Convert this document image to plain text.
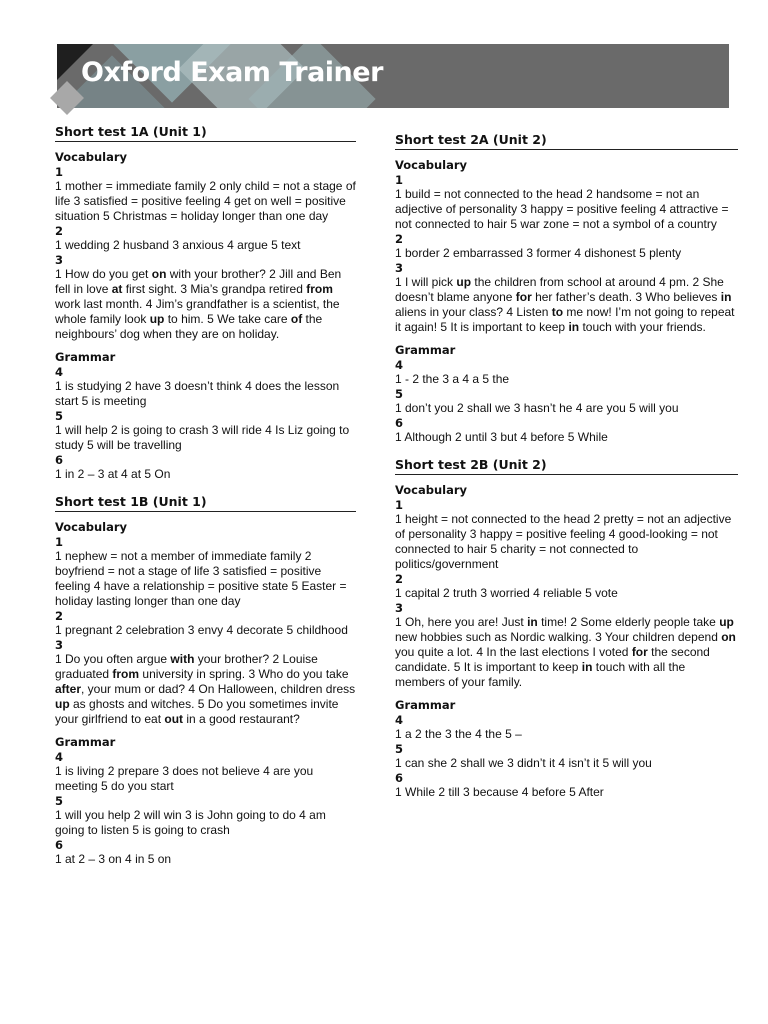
Oxford Exam Trainer
Short test 1A (Unit 1)

Vocabulary

1

1 mother = immediate family 2 only child = not a stage of life 3 satisfied = positive feeling 4 get on well = positive situation 5 Christmas = holiday longer than one day

2

1 wedding 2 husband 3 anxious 4 argue 5 text

3

1 How do you get on with your brother? 2 Jill and Ben fell in love at first sight. 3 Mia’s grandpa retired from work last month. 4 Jim’s grandfather is a scientist, the whole family look up to him. 5 We take care of the neighbours’ dog when they are on holiday.

Grammar

4

1 is studying 2 have 3 doesn’t think 4 does the lesson start 5 is meeting

5

1 will help 2 is going to crash 3 will ride 4 Is Liz going to study 5 will be travelling

6

1 in 2 – 3 at 4 at 5 On

Short test 1B (Unit 1)

Vocabulary

1

1 nephew = not a member of immediate family 2 boyfriend = not a stage of life 3 satisfied = positive feeling 4 have a relationship = positive state 5 Easter = holiday lasting longer than one day

2

1 pregnant 2 celebration 3 envy 4 decorate 5 childhood

3

1 Do you often argue with your brother? 2 Louise graduated from university in spring. 3 Who do you take after, your mum or dad? 4 On Halloween, children dress up as ghosts and witches. 5 Do you sometimes invite your girlfriend to eat out in a good restaurant?

Grammar

4

1 is living 2 prepare 3 does not believe 4 are you meeting 5 do you start

5

1 will you help 2 will win 3 is John going to do 4 am going to listen 5 is going to crash

6

1 at 2 – 3 on 4 in 5 on

Short test 2A (Unit 2)

Vocabulary

1

1 build = not connected to the head 2 handsome = not an adjective of personality 3 happy = positive feeling 4 attractive = not connected to hair 5 war zone = not a symbol of a country

2

1 border 2 embarrassed 3 former 4 dishonest 5 plenty

3

1 I will pick up the children from school at around 4 pm. 2 She doesn’t blame anyone for her father’s death. 3 Who believes in aliens in your class? 4 Listen to me now! I’m not going to repeat it again! 5 It is important to keep in touch with your friends.

Grammar

4

1 - 2 the 3 a 4 a 5 the

5

1 don’t you 2 shall we 3 hasn’t he 4 are you 5 will you

6

1 Although 2 until 3 but 4 before 5 While

Short test 2B (Unit 2)

Vocabulary

1

1 height = not connected to the head 2 pretty = not an adjective of personality 3 happy = positive feeling 4 good-looking = not connected to hair 5 charity = not connected to politics/government

2

1 capital 2 truth 3 worried 4 reliable 5 vote

3

1 Oh, here you are! Just in time! 2 Some elderly people take up new hobbies such as Nordic walking. 3 Your children depend on you quite a lot. 4 In the last elections I voted for the second candidate. 5 It is important to keep in touch with all the members of your family.

Grammar

4

1 a 2 the 3 the 4 the 5 –

5

1 can she 2 shall we 3 didn’t it 4 isn’t it 5 will you

6

1 While 2 till 3 because 4 before 5 After
